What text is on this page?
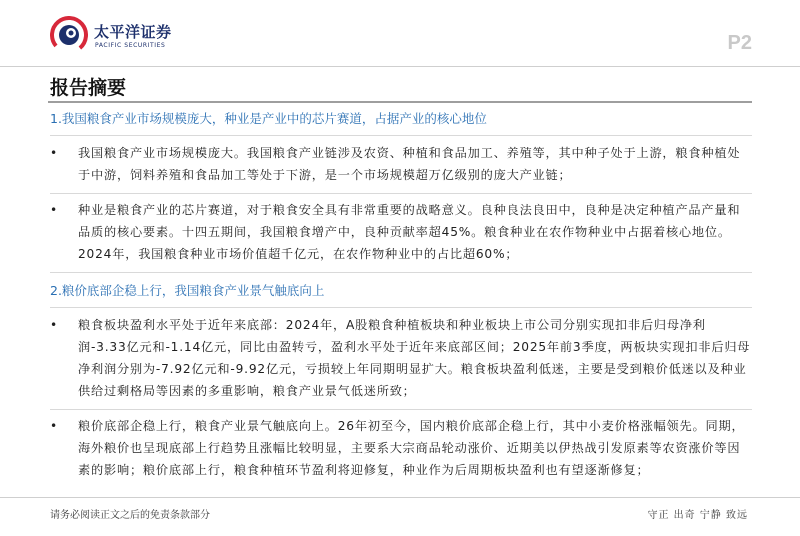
太平洋证券
PACIFIC SECURITIES	P2
报告摘要
1.我国粮食产业市场规模庞大，种业是产业中的芯片赛道，占据产业的核心地位
•	我国粮食产业市场规模庞大。我国粮食产业链涉及农资、种植和食品加工、养殖等，其中种子处于上游，粮食种植处于中游，饲料养殖和食品加工等处于下游，是一个市场规模超万亿级别的庞大产业链；
•	种业是粮食产业的芯片赛道，对于粮食安全具有非常重要的战略意义。良种良法良田中，良种是决定种植产品产量和品质的核心要素。十四五期间，我国粮食增产中，良种贡献率超45%。粮食种业在农作物种业中占据着核心地位。2024年，我国粮食种业市场价值超千亿元，在农作物种业中的占比超60%；
2.粮价底部企稳上行，我国粮食产业景气触底向上
•	粮食板块盈利水平处于近年来底部：2024年，A股粮食种植板块和种业板块上市公司分别实现扣非后归母净利润-3.33亿元和-1.14亿元，同比由盈转亏，盈利水平处于近年来底部区间；2025年前3季度，两板块实现扣非后归母净利润分别为-7.92亿元和-9.92亿元，亏损较上年同期明显扩大。粮食板块盈利低迷，主要是受到粮价低迷以及种业供给过剩格局等因素的多重影响，粮食产业景气低迷所致；
•	粮价底部企稳上行，粮食产业景气触底向上。26年初至今，国内粮价底部企稳上行，其中小麦价格涨幅领先。同期，海外粮价也呈现底部上行趋势且涨幅比较明显，主要系大宗商品轮动涨价、近期美以伊热战引发原素等农资涨价等因素的影响；粮价底部上行，粮食种植环节盈利将迎修复，种业作为后周期板块盈利也有望逐渐修复；
请务必阅读正文之后的免责条款部分	守正 出奇 宁静 致远
